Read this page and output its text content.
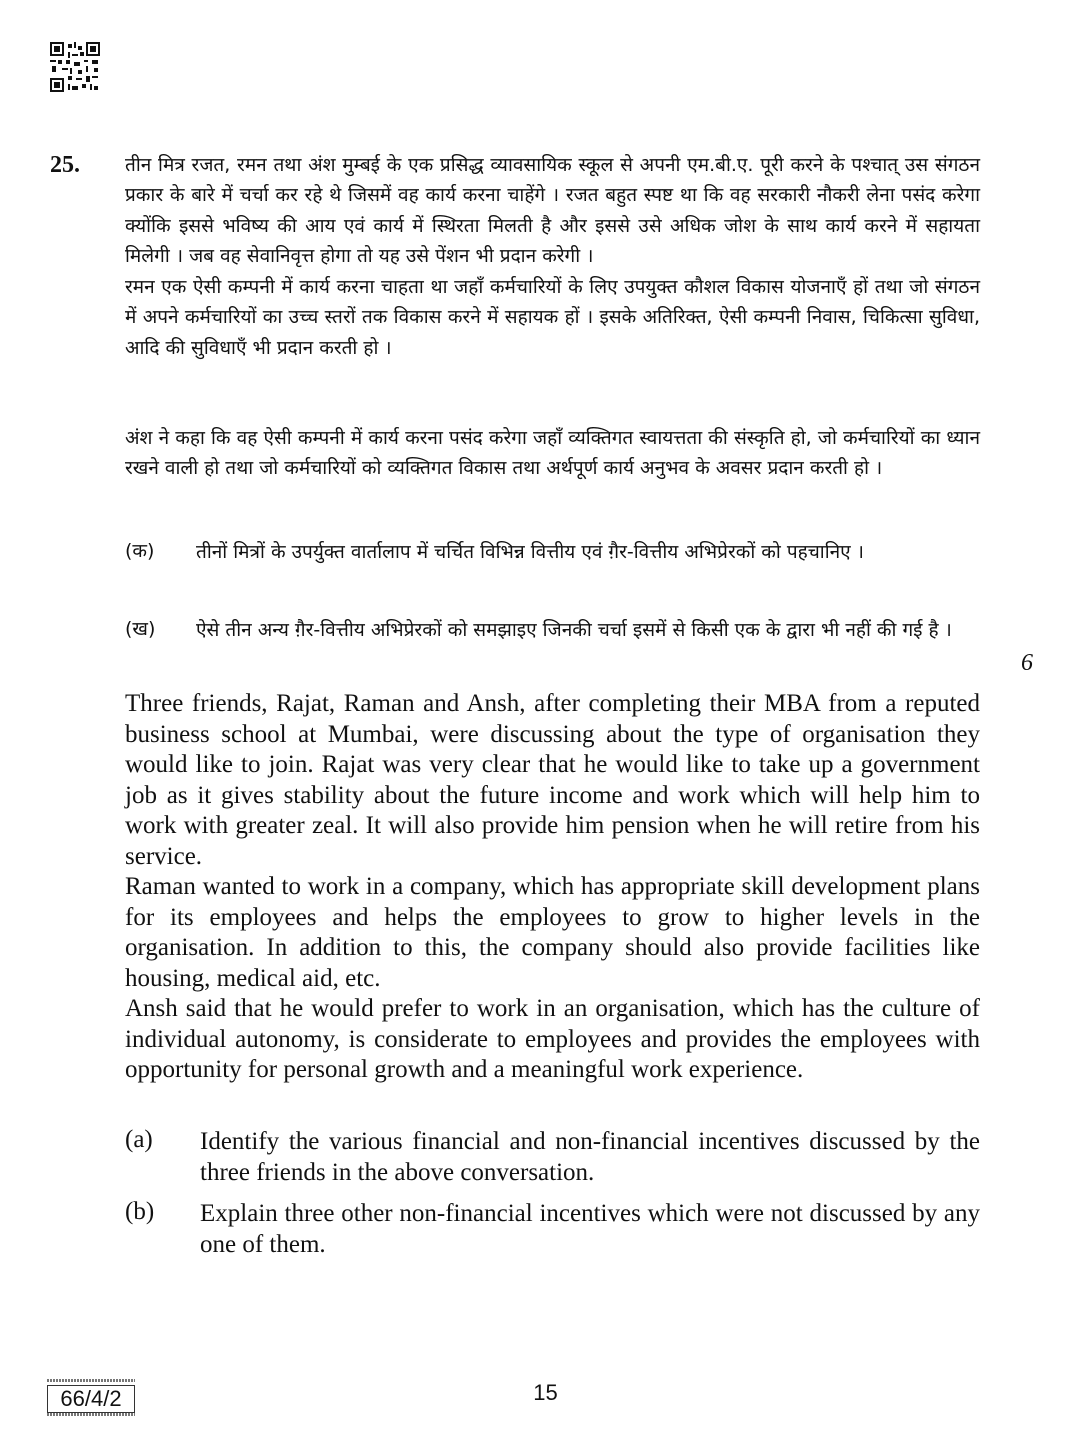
25. तीन मित्र रजत, रमन तथा अंश मुम्बई के एक प्रसिद्ध व्यावसायिक स्कूल से अपनी एम.बी.ए. पूरी करने के पश्चात् उस संगठन प्रकार के बारे में चर्चा कर रहे थे जिसमें वह कार्य करना चाहेंगे । रजत बहुत स्पष्ट था कि वह सरकारी नौकरी लेना पसंद करेगा क्योंकि इससे भविष्य की आय एवं कार्य में स्थिरता मिलती है और इससे उसे अधिक जोश के साथ कार्य करने में सहायता मिलेगी । जब वह सेवानिवृत्त होगा तो यह उसे पेंशन भी प्रदान करेगी ।

रमन एक ऐसी कम्पनी में कार्य करना चाहता था जहाँ कर्मचारियों के लिए उपयुक्त कौशल विकास योजनाएँ हों तथा जो संगठन में अपने कर्मचारियों का उच्च स्तरों तक विकास करने में सहायक हों । इसके अतिरिक्त, ऐसी कम्पनी निवास, चिकित्सा सुविधा, आदि की सुविधाएँ भी प्रदान करती हो ।

अंश ने कहा कि वह ऐसी कम्पनी में कार्य करना पसंद करेगा जहाँ व्यक्तिगत स्वायत्तता की संस्कृति हो, जो कर्मचारियों का ध्यान रखने वाली हो तथा जो कर्मचारियों को व्यक्तिगत विकास तथा अर्थपूर्ण कार्य अनुभव के अवसर प्रदान करती हो ।

(क) तीनों मित्रों के उपर्युक्त वार्तालाप में चर्चित विभिन्न वित्तीय एवं ग़ैर-वित्तीय अभिप्रेरकों को पहचानिए ।

(ख) ऐसे तीन अन्य ग़ैर-वित्तीय अभिप्रेरकों को समझाइए जिनकी चर्चा इसमें से किसी एक के द्वारा भी नहीं की गई है ।

6

Three friends, Rajat, Raman and Ansh, after completing their MBA from a reputed business school at Mumbai, were discussing about the type of organisation they would like to join. Rajat was very clear that he would like to take up a government job as it gives stability about the future income and work which will help him to work with greater zeal. It will also provide him pension when he will retire from his service.

Raman wanted to work in a company, which has appropriate skill development plans for its employees and helps the employees to grow to higher levels in the organisation. In addition to this, the company should also provide facilities like housing, medical aid, etc.

Ansh said that he would prefer to work in an organisation, which has the culture of individual autonomy, is considerate to employees and provides the employees with opportunity for personal growth and a meaningful work experience.

(a) Identify the various financial and non-financial incentives discussed by the three friends in the above conversation.

(b) Explain three other non-financial incentives which were not discussed by any one of them.

66/4/2	15
